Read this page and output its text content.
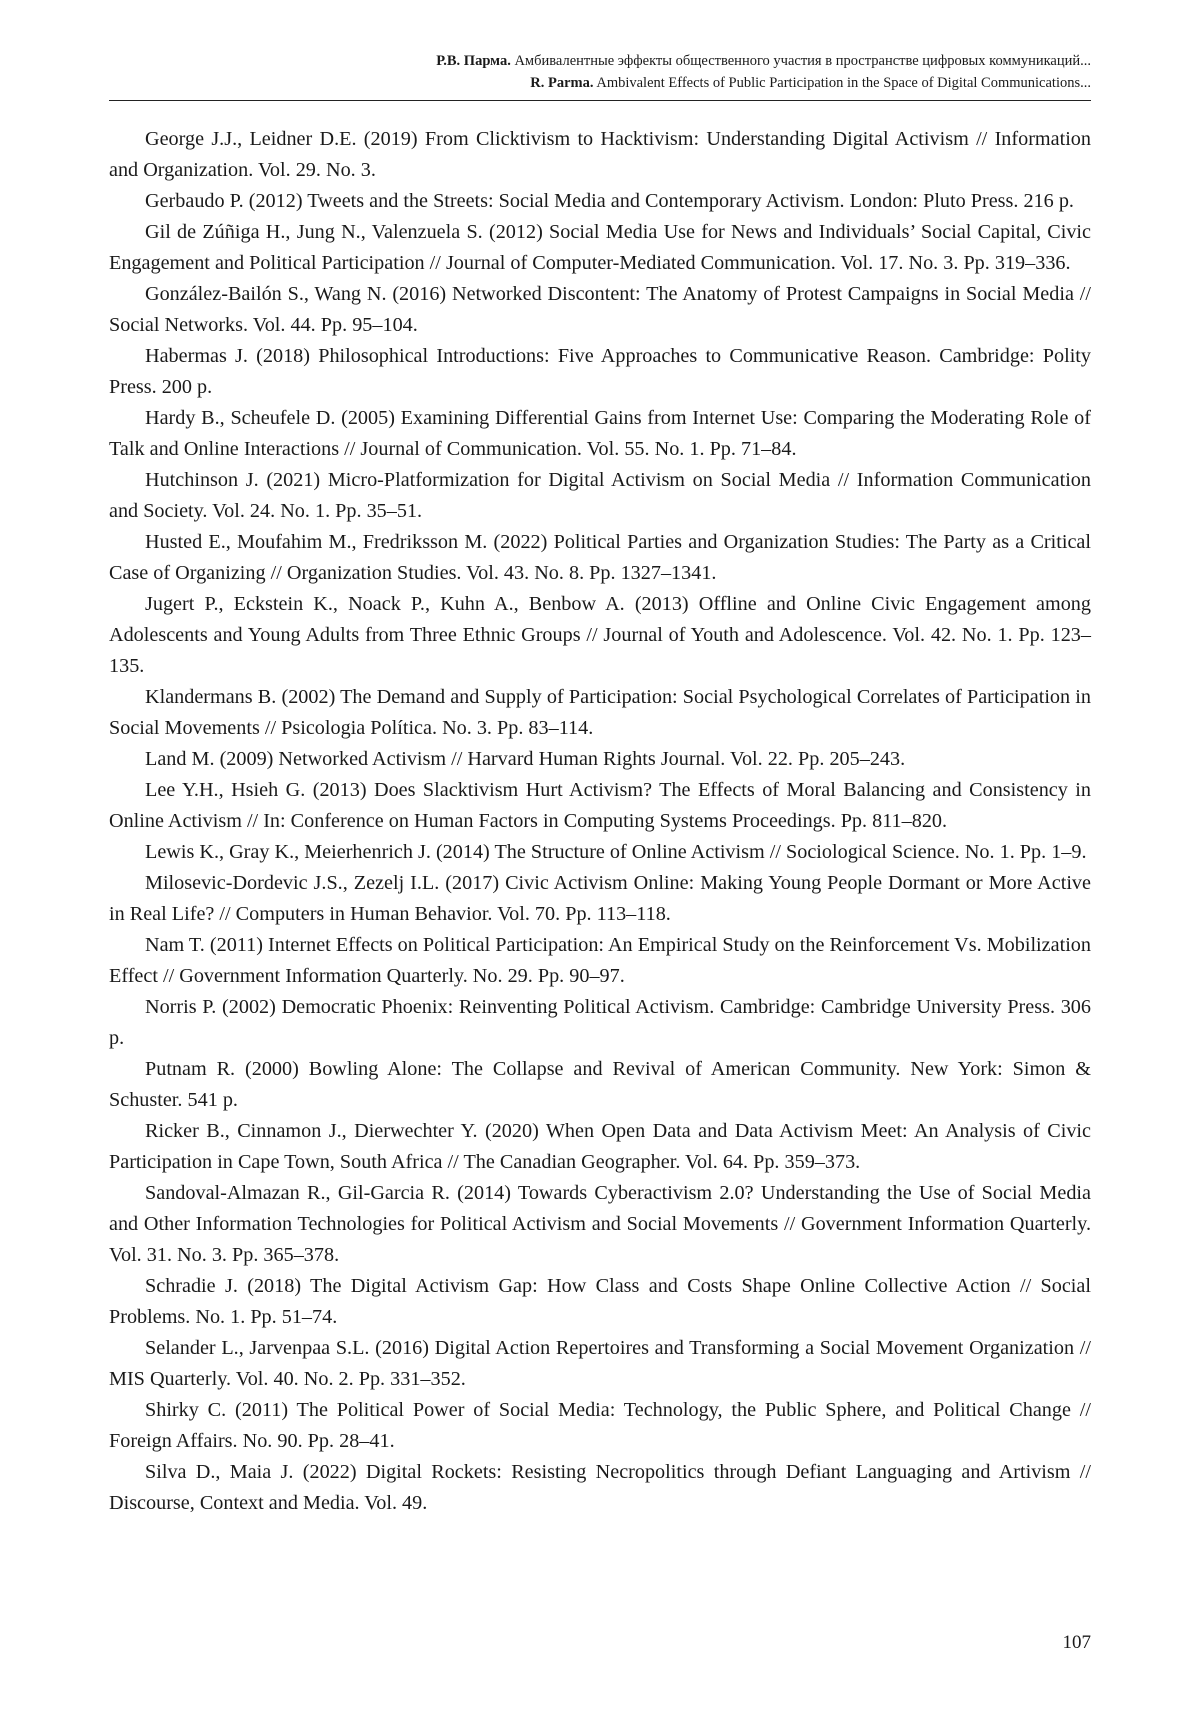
Р.В. Парма. Амбивалентные эффекты общественного участия в пространстве цифровых коммуникаций...
R. Parma. Ambivalent Effects of Public Participation in the Space of Digital Communications...

George J.J., Leidner D.E. (2019) From Clicktivism to Hacktivism: Understanding Digital Activism // Information and Organization. Vol. 29. No. 3.

Gerbaudo P. (2012) Tweets and the Streets: Social Media and Contemporary Activism. London: Pluto Press. 216 p.

Gil de Zúñiga H., Jung N., Valenzuela S. (2012) Social Media Use for News and Individuals’ Social Capital, Civic Engagement and Political Participation // Journal of Computer-Mediated Communication. Vol. 17. No. 3. Pp. 319–336.

González-Bailón S., Wang N. (2016) Networked Discontent: The Anatomy of Protest Campaigns in Social Media // Social Networks. Vol. 44. Pp. 95–104.

Habermas J. (2018) Philosophical Introductions: Five Approaches to Communicative Reason. Cambridge: Polity Press. 200 p.

Hardy B., Scheufele D. (2005) Examining Differential Gains from Internet Use: Comparing the Moderating Role of Talk and Online Interactions // Journal of Communication. Vol. 55. No. 1. Pp. 71–84.

Hutchinson J. (2021) Micro-Platformization for Digital Activism on Social Media // Information Communication and Society. Vol. 24. No. 1. Pp. 35–51.

Husted E., Moufahim M., Fredriksson M. (2022) Political Parties and Organization Studies: The Party as a Critical Case of Organizing // Organization Studies. Vol. 43. No. 8. Pp. 1327–1341.

Jugert P., Eckstein K., Noack P., Kuhn A., Benbow A. (2013) Offline and Online Civic Engagement among Adolescents and Young Adults from Three Ethnic Groups // Journal of Youth and Adolescence. Vol. 42. No. 1. Pp. 123–135.

Klandermans B. (2002) The Demand and Supply of Participation: Social Psychological Correlates of Participation in Social Movements // Psicologia Política. No. 3. Pp. 83–114.

Land M. (2009) Networked Activism // Harvard Human Rights Journal. Vol. 22. Pp. 205–243.

Lee Y.H., Hsieh G. (2013) Does Slacktivism Hurt Activism? The Effects of Moral Balancing and Consistency in Online Activism // In: Conference on Human Factors in Computing Systems Proceedings. Pp. 811–820.

Lewis K., Gray K., Meierhenrich J. (2014) The Structure of Online Activism // Sociological Science. No. 1. Pp. 1–9.

Milosevic-Dordevic J.S., Zezelj I.L. (2017) Civic Activism Online: Making Young People Dormant or More Active in Real Life? // Computers in Human Behavior. Vol. 70. Pp. 113–118.

Nam T. (2011) Internet Effects on Political Participation: An Empirical Study on the Reinforcement Vs. Mobilization Effect // Government Information Quarterly. No. 29. Pp. 90–97.

Norris P. (2002) Democratic Phoenix: Reinventing Political Activism. Cambridge: Cambridge University Press. 306 p.

Putnam R. (2000) Bowling Alone: The Collapse and Revival of American Community. New York: Simon & Schuster. 541 p.

Ricker B., Cinnamon J., Dierwechter Y. (2020) When Open Data and Data Activism Meet: An Analysis of Civic Participation in Cape Town, South Africa // The Canadian Geographer. Vol. 64. Pp. 359–373.

Sandoval-Almazan R., Gil-Garcia R. (2014) Towards Cyberactivism 2.0? Understanding the Use of Social Media and Other Information Technologies for Political Activism and Social Movements // Government Information Quarterly. Vol. 31. No. 3. Pp. 365–378.

Schradie J. (2018) The Digital Activism Gap: How Class and Costs Shape Online Collective Action // Social Problems. No. 1. Pp. 51–74.

Selander L., Jarvenpaa S.L. (2016) Digital Action Repertoires and Transforming a Social Movement Organization // MIS Quarterly. Vol. 40. No. 2. Pp. 331–352.

Shirky C. (2011) The Political Power of Social Media: Technology, the Public Sphere, and Political Change // Foreign Affairs. No. 90. Pp. 28–41.

Silva D., Maia J. (2022) Digital Rockets: Resisting Necropolitics through Defiant Languaging and Artivism // Discourse, Context and Media. Vol. 49.

107
